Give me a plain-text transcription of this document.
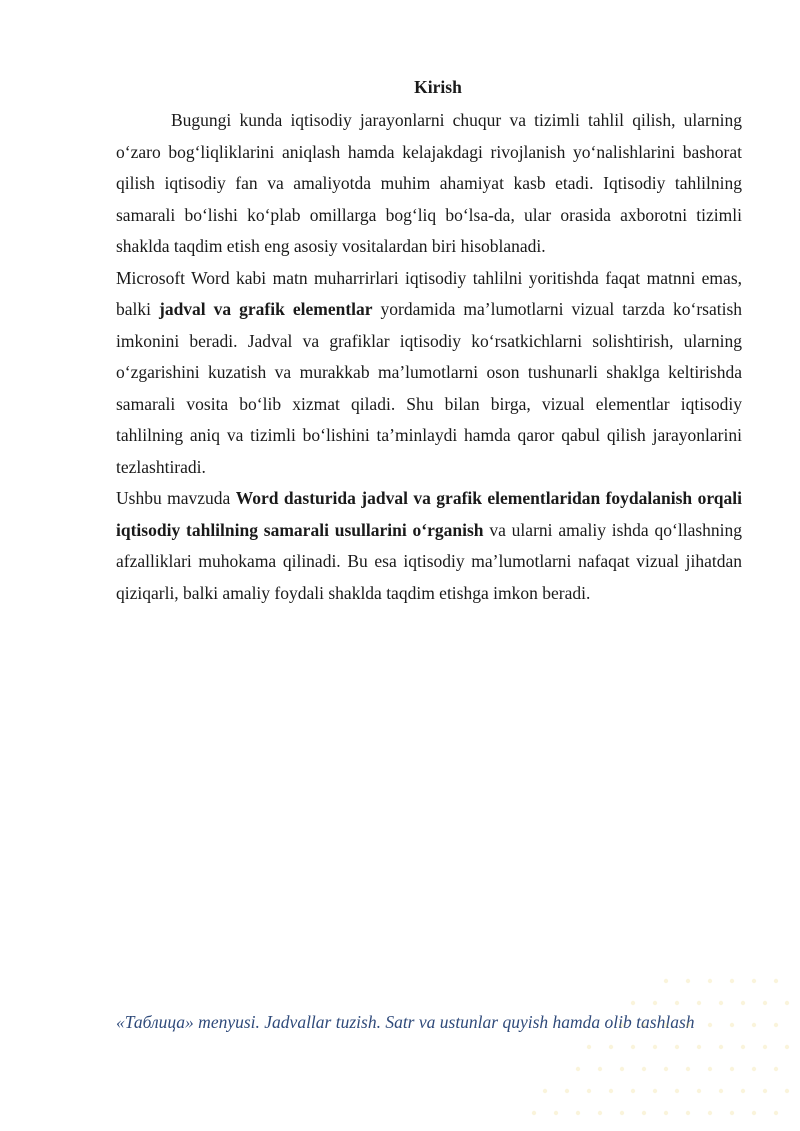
Kirish

Bugungi kunda iqtisodiy jarayonlarni chuqur va tizimli tahlil qilish, ularning o‘zaro bog‘liqliklarini aniqlash hamda kelajakdagi rivojlanish yo‘nalishlarini bashorat qilish iqtisodiy fan va amaliyotda muhim ahamiyat kasb etadi. Iqtisodiy tahlilning samarali bo‘lishi ko‘plab omillarga bog‘liq bo‘lsa-da, ular orasida axborotni tizimli shaklda taqdim etish eng asosiy vositalardan biri hisoblanadi.

Microsoft Word kabi matn muharrirlari iqtisodiy tahlilni yoritishda faqat matnni emas, balki jadval va grafik elementlar yordamida ma’lumotlarni vizual tarzda ko‘rsatish imkonini beradi. Jadval va grafiklar iqtisodiy ko‘rsatkichlarni solishtirish, ularning o‘zgarishini kuzatish va murakkab ma’lumotlarni oson tushunarli shaklga keltirishda samarali vosita bo‘lib xizmat qiladi. Shu bilan birga, vizual elementlar iqtisodiy tahlilning aniq va tizimli bo‘lishini ta’minlaydi hamda qaror qabul qilish jarayonlarini tezlashtiradi.

Ushbu mavzuda Word dasturida jadval va grafik elementlaridan foydalanish orqali iqtisodiy tahlilning samarali usullarini o‘rganish va ularni amaliy ishda qo‘llashning afzalliklari muhokama qilinadi. Bu esa iqtisodiy ma’lumotlarni nafaqat vizual jihatdan qiziqarli, balki amaliy foydali shaklda taqdim etishga imkon beradi.

«Таблица» menyusi. Jadvallar tuzish. Satr va ustunlar quyish hamda olib tashlash
